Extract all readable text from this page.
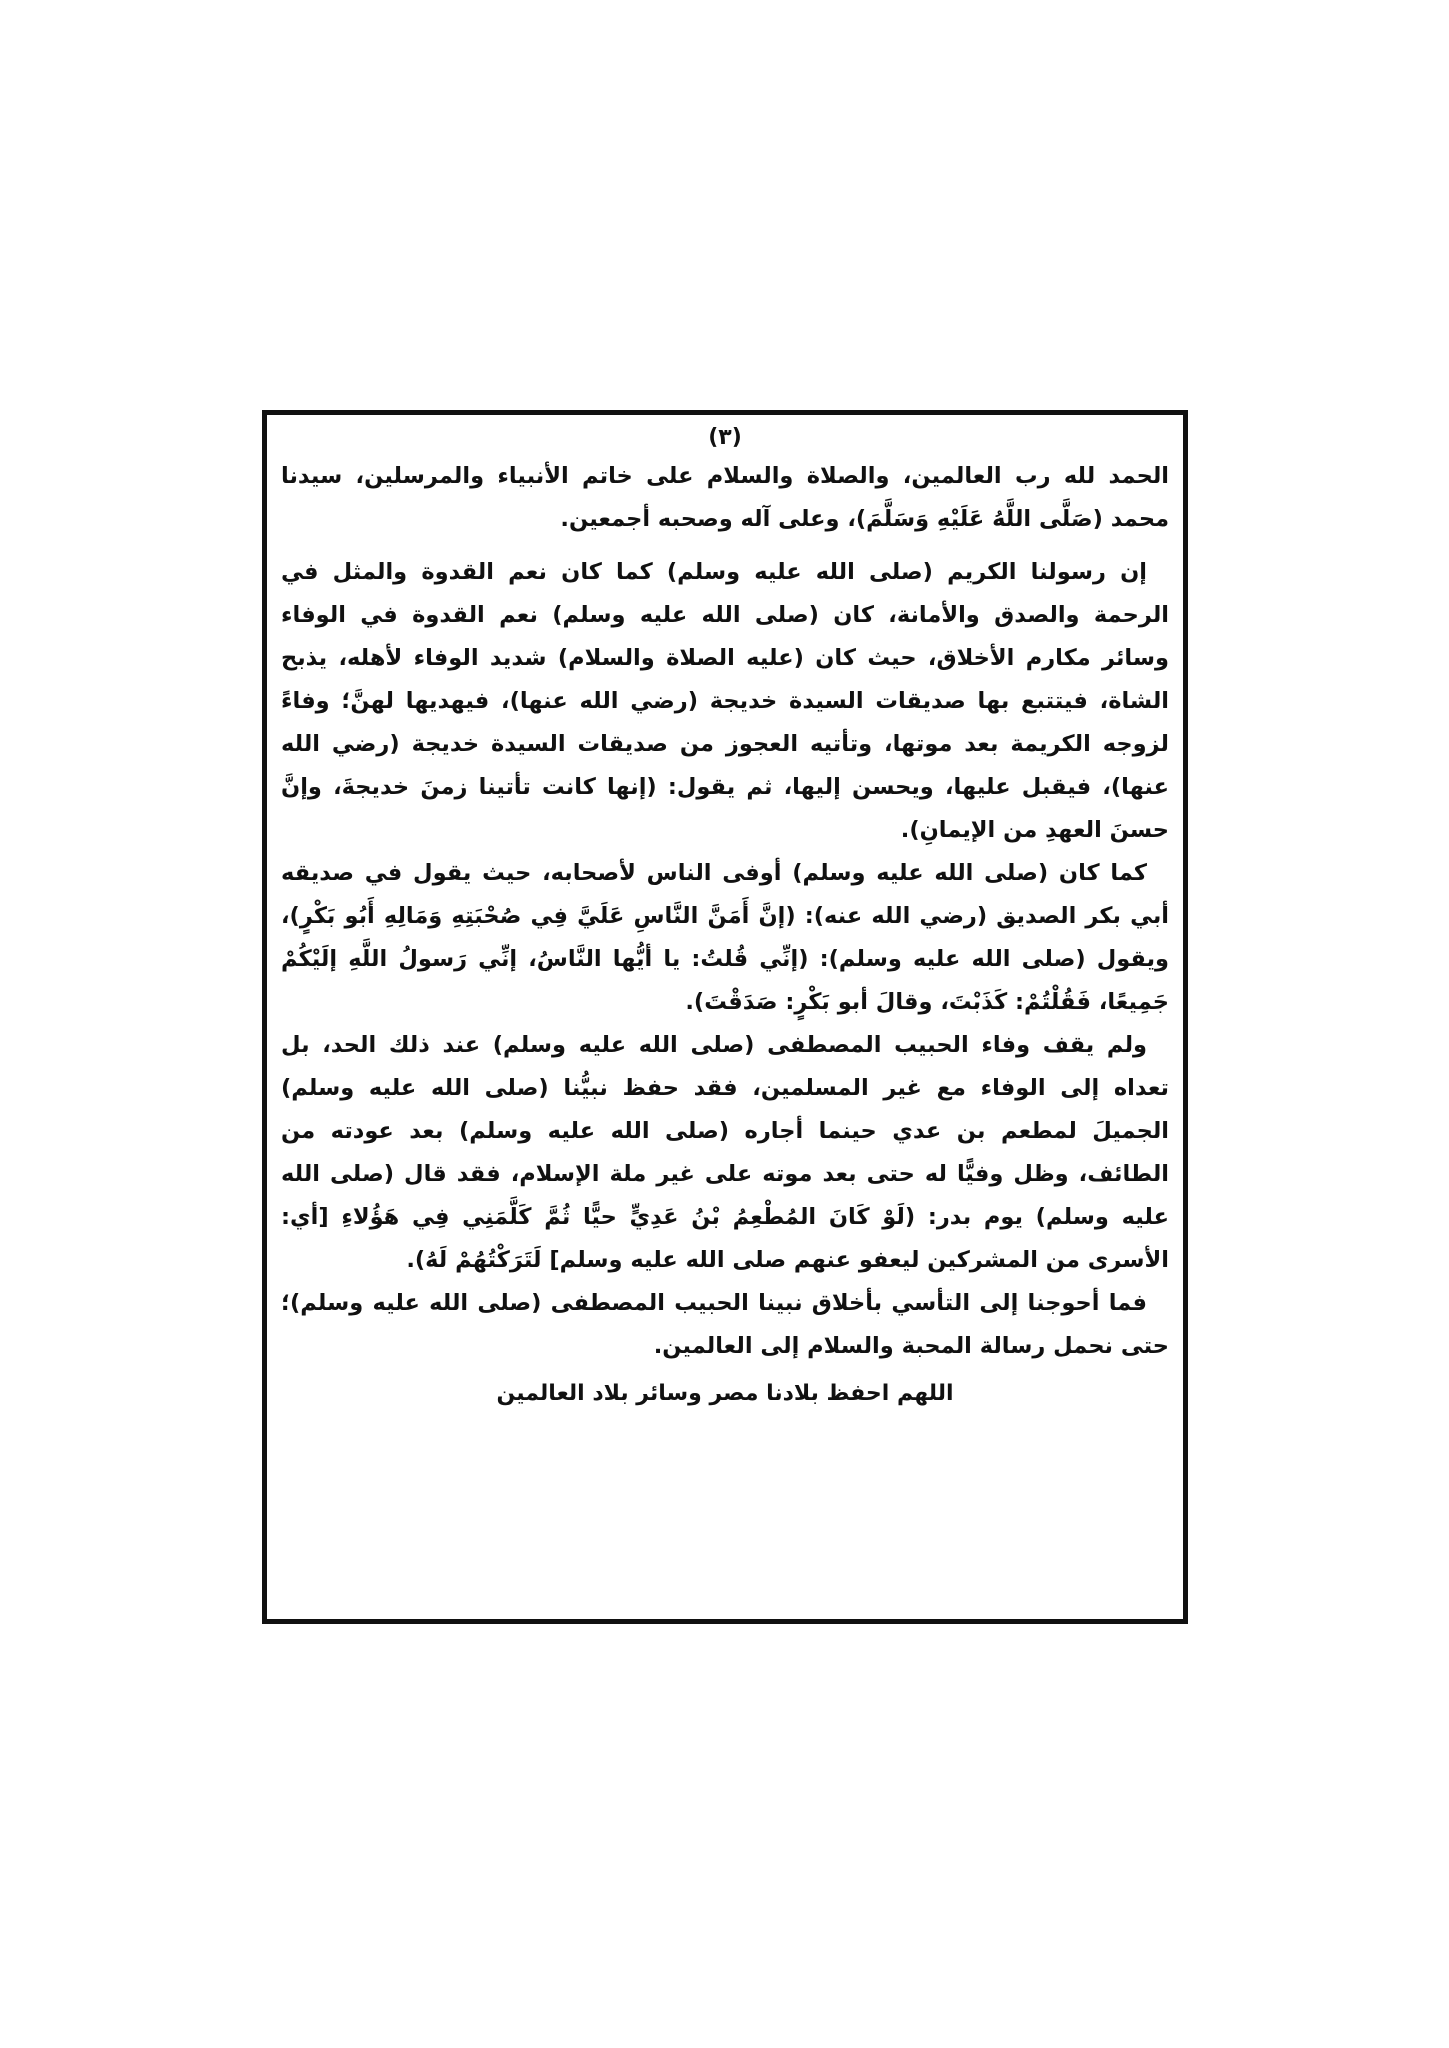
(٣)

الحمد لله رب العالمين، والصلاة والسلام على خاتم الأنبياء والمرسلين، سيدنا محمد (صَلَّى اللَّهُ عَلَيْهِ وَسَلَّمَ)، وعلى آله وصحبه أجمعين.

إن رسولنا الكريم (صلى الله عليه وسلم) كما كان نعم القدوة والمثل في الرحمة والصدق والأمانة، كان (صلى الله عليه وسلم) نعم القدوة في الوفاء وسائر مكارم الأخلاق، حيث كان (عليه الصلاة والسلام) شديد الوفاء لأهله، يذبح الشاة، فيتتبع بها صديقات السيدة خديجة (رضي الله عنها)، فيهديها لهنَّ؛ وفاءً لزوجه الكريمة بعد موتها، وتأتيه العجوز من صديقات السيدة خديجة (رضي الله عنها)، فيقبل عليها، ويحسن إليها، ثم يقول: (إنها كانت تأتينا زمنَ خديجةَ، وإنَّ حسنَ العهدِ من الإيمانِ).

كما كان (صلى الله عليه وسلم) أوفى الناس لأصحابه، حيث يقول في صديقه أبي بكر الصديق (رضي الله عنه): (إنَّ أَمَنَّ النَّاسِ عَلَيَّ فِي صُحْبَتِهِ وَمَالِهِ أَبُو بَكْرٍ)، ويقول (صلى الله عليه وسلم): (إنِّي قُلتُ: يا أيُّها النَّاسُ، إنِّي رَسولُ اللَّهِ إلَيْكُمْ جَمِيعًا، فَقُلْتُمْ: كَذَبْتَ، وقالَ أبو بَكْرٍ: صَدَقْتَ).

ولم يقف وفاء الحبيب المصطفى (صلى الله عليه وسلم) عند ذلك الحد، بل تعداه إلى الوفاء مع غير المسلمين، فقد حفظ نبيُّنا (صلى الله عليه وسلم) الجميلَ لمطعم بن عدي حينما أجاره (صلى الله عليه وسلم) بعد عودته من الطائف، وظل وفيًّا له حتى بعد موته على غير ملة الإسلام، فقد قال (صلى الله عليه وسلم) يوم بدر: (لَوْ كَانَ المُطْعِمُ بْنُ عَدِيٍّ حيًّا ثُمَّ كَلَّمَنِي فِي هَؤُلاءِ [أي: الأسرى من المشركين ليعفو عنهم صلى الله عليه وسلم] لَتَرَكْتُهُمْ لَهُ).

فما أحوجنا إلى التأسي بأخلاق نبينا الحبيب المصطفى (صلى الله عليه وسلم)؛ حتى نحمل رسالة المحبة والسلام إلى العالمين.

اللهم احفظ بلادنا مصر وسائر بلاد العالمين
